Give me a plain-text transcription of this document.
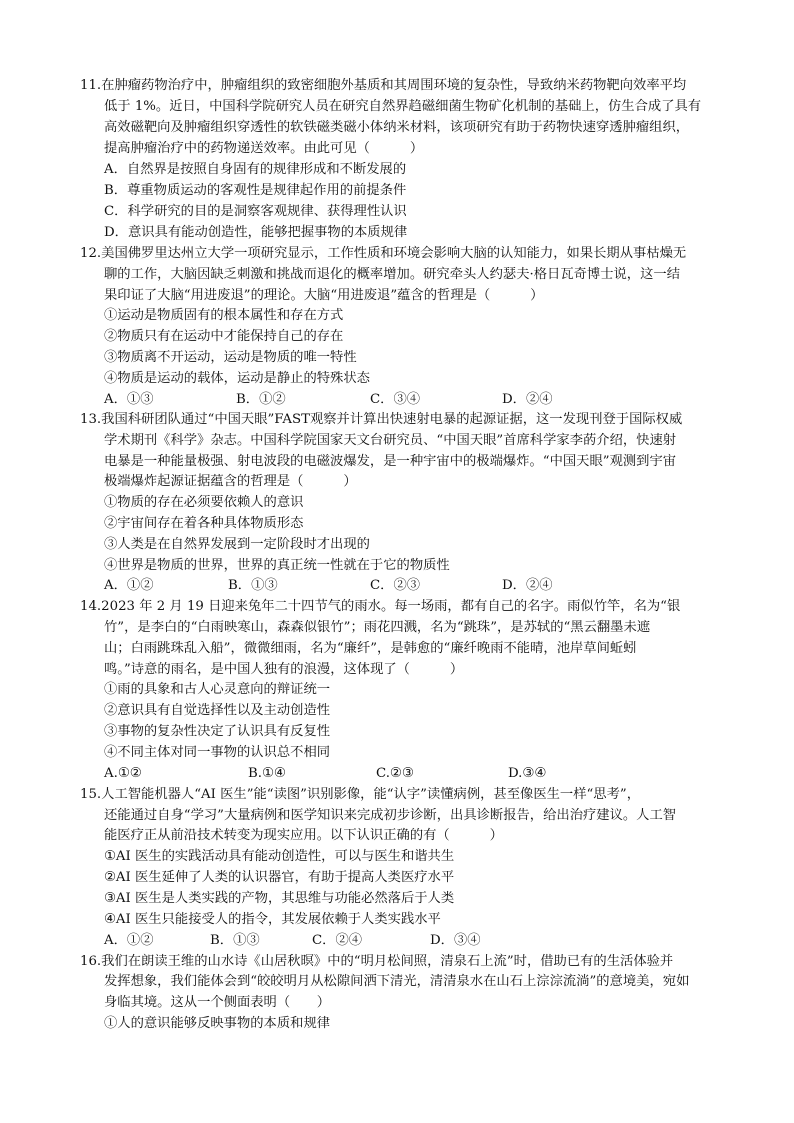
11.在肿瘤药物治疗中，肿瘤组织的致密细胞外基质和其周围环境的复杂性，导致纳米药物靶向效率平均
低于 1%。近日，中国科学院研究人员在研究自然界趋磁细菌生物矿化机制的基础上，仿生合成了具有
高效磁靶向及肿瘤组织穿透性的软铁磁类磁小体纳米材料，该项研究有助于药物快速穿透肿瘤组织，
提高肿瘤治疗中的药物递送效率。由此可见（　　　）
A．自然界是按照自身固有的规律形成和不断发展的
B．尊重物质运动的客观性是规律起作用的前提条件
C．科学研究的目的是洞察客观规律、获得理性认识
D．意识具有能动创造性，能够把握事物的本质规律
12.美国佛罗里达州立大学一项研究显示，工作性质和环境会影响大脑的认知能力，如果长期从事枯燥无
聊的工作，大脑因缺乏刺激和挑战而退化的概率增加。研究牵头人约瑟夫·格日瓦奇博士说，这一结
果印证了大脑“用进废退”的理论。大脑“用进废退”蕴含的哲理是（　　　）
①运动是物质固有的根本属性和存在方式
②物质只有在运动中才能保持自己的存在
③物质离不开运动，运动是物质的唯一特性
④物质是运动的载体，运动是静止的特殊状态
A．①③	B．①②	C．③④	D．②④
13.我国科研团队通过“中国天眼”FAST观察并计算出快速射电暴的起源证据，这一发现刊登于国际权威
学术期刊《科学》杂志。中国科学院国家天文台研究员、“中国天眼”首席科学家李菂介绍，快速射
电暴是一种能量极强、射电波段的电磁波爆发，是一种宇宙中的极端爆炸。“中国天眼”观测到宇宙
极端爆炸起源证据蕴含的哲理是（　　　）
①物质的存在必须要依赖人的意识
②宇宙间存在着各种具体物质形态
③人类是在自然界发展到一定阶段时才出现的
④世界是物质的世界，世界的真正统一性就在于它的物质性
A．①②	B．①③	C．②③	D．②④
14.2023 年 2 月 19 日迎来兔年二十四节气的雨水。每一场雨，都有自己的名字。雨似竹竿，名为“银
竹”，是李白的“白雨映寒山，森森似银竹”；雨花四溅，名为“跳珠”，是苏轼的“黑云翻墨未遮
山；白雨跳珠乱入船”，微微细雨，名为“廉纤”，是韩愈的“廉纤晚雨不能晴，池岸草间蚯蚓
鸣。”诗意的雨名，是中国人独有的浪漫，这体现了（　　　）
①雨的具象和古人心灵意向的辩证统一
②意识具有自觉选择性以及主动创造性
③事物的复杂性决定了认识具有反复性
④不同主体对同一事物的认识总不相同
A.①②	B.①④	C.②③	D.③④
15.人工智能机器人“AI 医生”能“读图”识别影像，能“认字”读懂病例，甚至像医生一样“思考”，
还能通过自身“学习”大量病例和医学知识来完成初步诊断，出具诊断报告，给出治疗建议。人工智
能医疗正从前沿技术转变为现实应用。以下认识正确的有（　　　）
①AI 医生的实践活动具有能动创造性，可以与医生和谐共生
②AI 医生延伸了人类的认识器官，有助于提高人类医疗水平
③AI 医生是人类实践的产物，其思维与功能必然落后于人类
④AI 医生只能接受人的指令，其发展依赖于人类实践水平
A．①②	B．①③	C．②④	D．③④
16.我们在朗读王维的山水诗《山居秋暝》中的“明月松间照，清泉石上流”时，借助已有的生活体验并
发挥想象，我们能体会到“皎皎明月从松隙间洒下清光，清清泉水在山石上淙淙流淌”的意境美，宛如
身临其境。这从一个侧面表明（　　）
①人的意识能够反映事物的本质和规律
